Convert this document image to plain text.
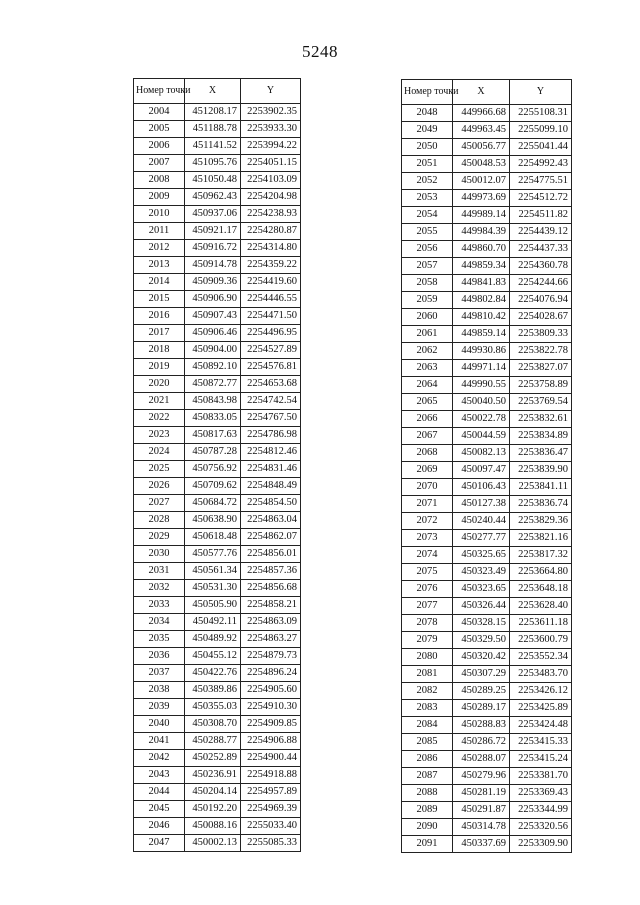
5248
Номер точки	X	Y
2004	451208.17	2253902.35
2005	451188.78	2253933.30
2006	451141.52	2253994.22
2007	451095.76	2254051.15
2008	451050.48	2254103.09
2009	450962.43	2254204.98
2010	450937.06	2254238.93
2011	450921.17	2254280.87
2012	450916.72	2254314.80
2013	450914.78	2254359.22
2014	450909.36	2254419.60
2015	450906.90	2254446.55
2016	450907.43	2254471.50
2017	450906.46	2254496.95
2018	450904.00	2254527.89
2019	450892.10	2254576.81
2020	450872.77	2254653.68
2021	450843.98	2254742.54
2022	450833.05	2254767.50
2023	450817.63	2254786.98
2024	450787.28	2254812.46
2025	450756.92	2254831.46
2026	450709.62	2254848.49
2027	450684.72	2254854.50
2028	450638.90	2254863.04
2029	450618.48	2254862.07
2030	450577.76	2254856.01
2031	450561.34	2254857.36
2032	450531.30	2254856.68
2033	450505.90	2254858.21
2034	450492.11	2254863.09
2035	450489.92	2254863.27
2036	450455.12	2254879.73
2037	450422.76	2254896.24
2038	450389.86	2254905.60
2039	450355.03	2254910.30
2040	450308.70	2254909.85
2041	450288.77	2254906.88
2042	450252.89	2254900.44
2043	450236.91	2254918.88
2044	450204.14	2254957.89
2045	450192.20	2254969.39
2046	450088.16	2255033.40
2047	450002.13	2255085.33
Номер точки	X	Y
2048	449966.68	2255108.31
2049	449963.45	2255099.10
2050	450056.77	2255041.44
2051	450048.53	2254992.43
2052	450012.07	2254775.51
2053	449973.69	2254512.72
2054	449989.14	2254511.82
2055	449984.39	2254439.12
2056	449860.70	2254437.33
2057	449859.34	2254360.78
2058	449841.83	2254244.66
2059	449802.84	2254076.94
2060	449810.42	2254028.67
2061	449859.14	2253809.33
2062	449930.86	2253822.78
2063	449971.14	2253827.07
2064	449990.55	2253758.89
2065	450040.50	2253769.54
2066	450022.78	2253832.61
2067	450044.59	2253834.89
2068	450082.13	2253836.47
2069	450097.47	2253839.90
2070	450106.43	2253841.11
2071	450127.38	2253836.74
2072	450240.44	2253829.36
2073	450277.77	2253821.16
2074	450325.65	2253817.32
2075	450323.49	2253664.80
2076	450323.65	2253648.18
2077	450326.44	2253628.40
2078	450328.15	2253611.18
2079	450329.50	2253600.79
2080	450320.42	2253552.34
2081	450307.29	2253483.70
2082	450289.25	2253426.12
2083	450289.17	2253425.89
2084	450288.83	2253424.48
2085	450286.72	2253415.33
2086	450288.07	2253415.24
2087	450279.96	2253381.70
2088	450281.19	2253369.43
2089	450291.87	2253344.99
2090	450314.78	2253320.56
2091	450337.69	2253309.90
